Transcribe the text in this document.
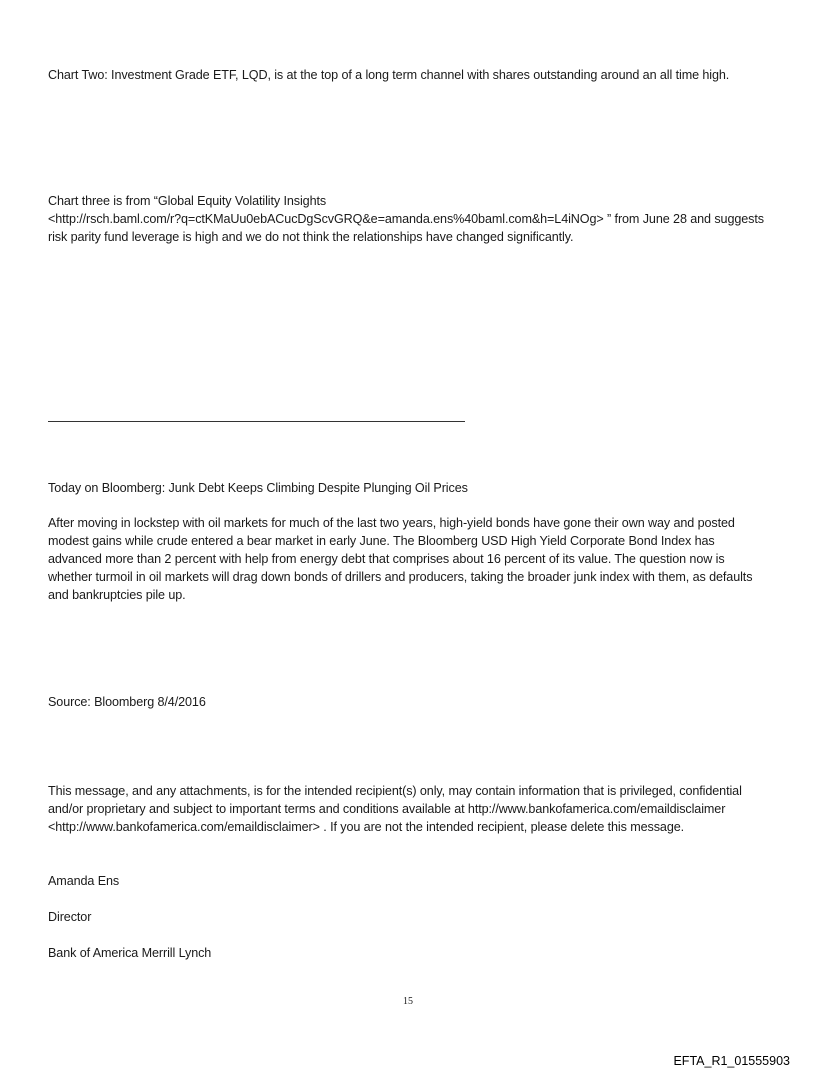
Chart Two: Investment Grade ETF, LQD, is at the top of a long term channel with shares outstanding around an all time high.

Chart three is from “Global Equity Volatility Insights

<http://rsch.baml.com/r?q=ctKMaUu0ebACucDgScvGRQ&e=amanda.ens%40baml.com&h=L4iNOg> ” from June 28 and suggests risk parity fund leverage is high and we do not think the relationships have changed significantly.

Today on Bloomberg: Junk Debt Keeps Climbing Despite Plunging Oil Prices

After moving in lockstep with oil markets for much of the last two years, high-yield bonds have gone their own way and posted modest gains while crude entered a bear market in early June. The Bloomberg USD High Yield Corporate Bond Index has advanced more than 2 percent with help from energy debt that comprises about 16 percent of its value. The question now is whether turmoil in oil markets will drag down bonds of drillers and producers, taking the broader junk index with them, as defaults and bankruptcies pile up.

Source: Bloomberg 8/4/2016

This message, and any attachments, is for the intended recipient(s) only, may contain information that is privileged, confidential and/or proprietary and subject to important terms and conditions available at http://www.bankofamerica.com/emaildisclaimer <http://www.bankofamerica.com/emaildisclaimer> . If you are not the intended recipient, please delete this message.

Amanda Ens

Director

Bank of America Merrill Lynch

15
EFTA_R1_01555903
